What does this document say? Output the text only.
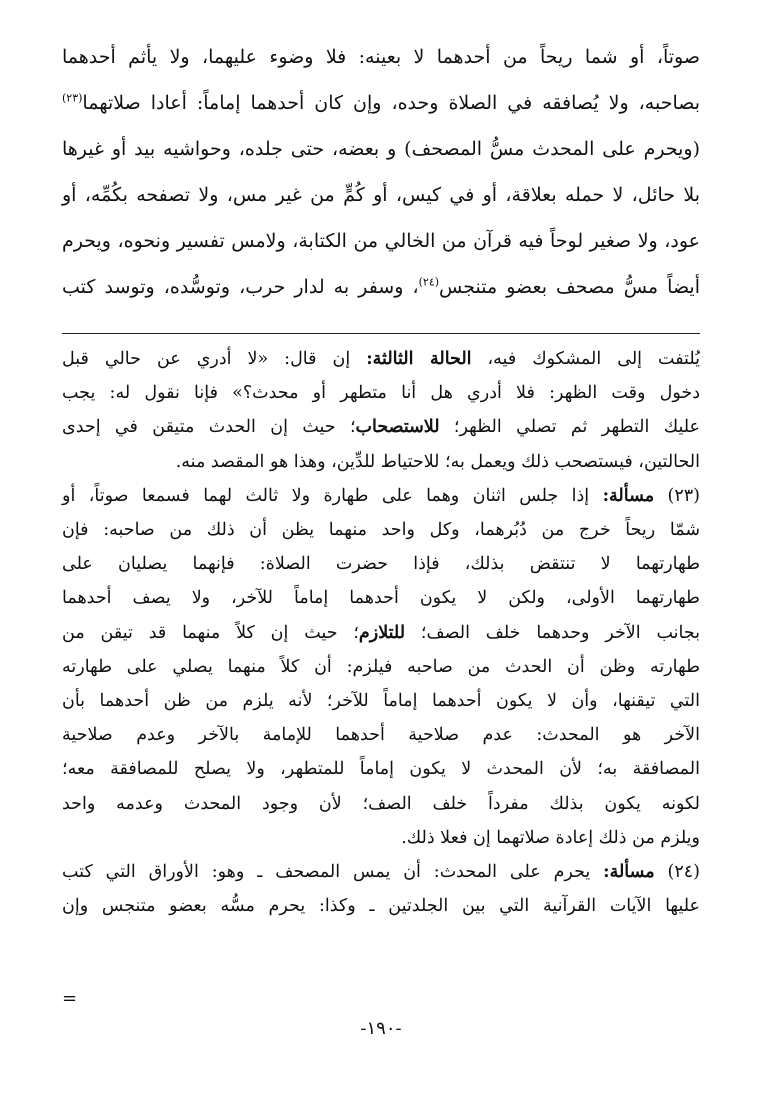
صوتاً، أو شما ريحاً من أحدهما لا بعينه: فلا وضوء عليهما، ولا يأثم أحدهما

بصاحبه، ولا يُصافقه في الصلاة وحده، وإن كان أحدهما إماماً: أعادا صلاتهما$^{(٢٣)}$

(ويحرم على المحدث مسُّ المصحف) و بعضه، حتى جلده، وحواشيه بيد أو غيرها

بلا حائل، لا حمله بعلاقة، أو في كيس، أو كُمٍّ من غير مس، ولا تصفحه بكُمِّه، أو

عود، ولا صغير لوحاً فيه قرآن من الخالي من الكتابة، ولامس تفسير ونحوه، ويحرم

أيضاً مسُّ مصحف بعضو متنجس$^{(٢٤)}$، وسفر به لدار حرب، وتوسُّده، وتوسد كتب

يُلتفت إلى المشكوك فيه، الحالة الثالثة: إن قال: «لا أدري عن حالي قبل

دخول وقت الظهر: فلا أدري هل أنا متطهر أو محدث؟» فإنا نقول له: يجب

عليك التطهر ثم تصلي الظهر؛ للاستصحاب؛ حيث إن الحدث متيقن في إحدى

الحالتين، فيستصحب ذلك ويعمل به؛ للاحتياط للدِّين، وهذا هو المقصد منه.

(٢٣) مسألة: إذا جلس اثنان وهما على طهارة ولا ثالث لهما فسمعا صوتاً، أو

شمّا ريحاً خرج من دُبُرهما، وكل واحد منهما يظن أن ذلك من صاحبه: فإن

طهارتهما لا تنتقض بذلك، فإذا حضرت الصلاة: فإنهما يصليان على

طهارتهما الأولى، ولكن لا يكون أحدهما إماماً للآخر، ولا يصف أحدهما

بجانب الآخر وحدهما خلف الصف؛ للتلازم؛ حيث إن كلاً منهما قد تيقن من

طهارته وظن أن الحدث من صاحبه فيلزم: أن كلاً منهما يصلي على طهارته

التي تيقنها، وأن لا يكون أحدهما إماماً للآخر؛ لأنه يلزم من ظن أحدهما بأن

الآخر هو المحدث: عدم صلاحية أحدهما للإمامة بالآخر وعدم صلاحية

المصافقة به؛ لأن المحدث لا يكون إماماً للمتطهر، ولا يصلح للمصافقة معه؛

لكونه يكون بذلك مفرداً خلف الصف؛ لأن وجود المحدث وعدمه واحد

ويلزم من ذلك إعادة صلاتهما إن فعلا ذلك.

(٢٤) مسألة: يحرم على المحدث: أن يمس المصحف ـ وهو: الأوراق التي كتب

عليها الآيات القرآنية التي بين الجلدتين ـ وكذا: يحرم مسُّه بعضو متنجس وإن

=
-١٩٠-
